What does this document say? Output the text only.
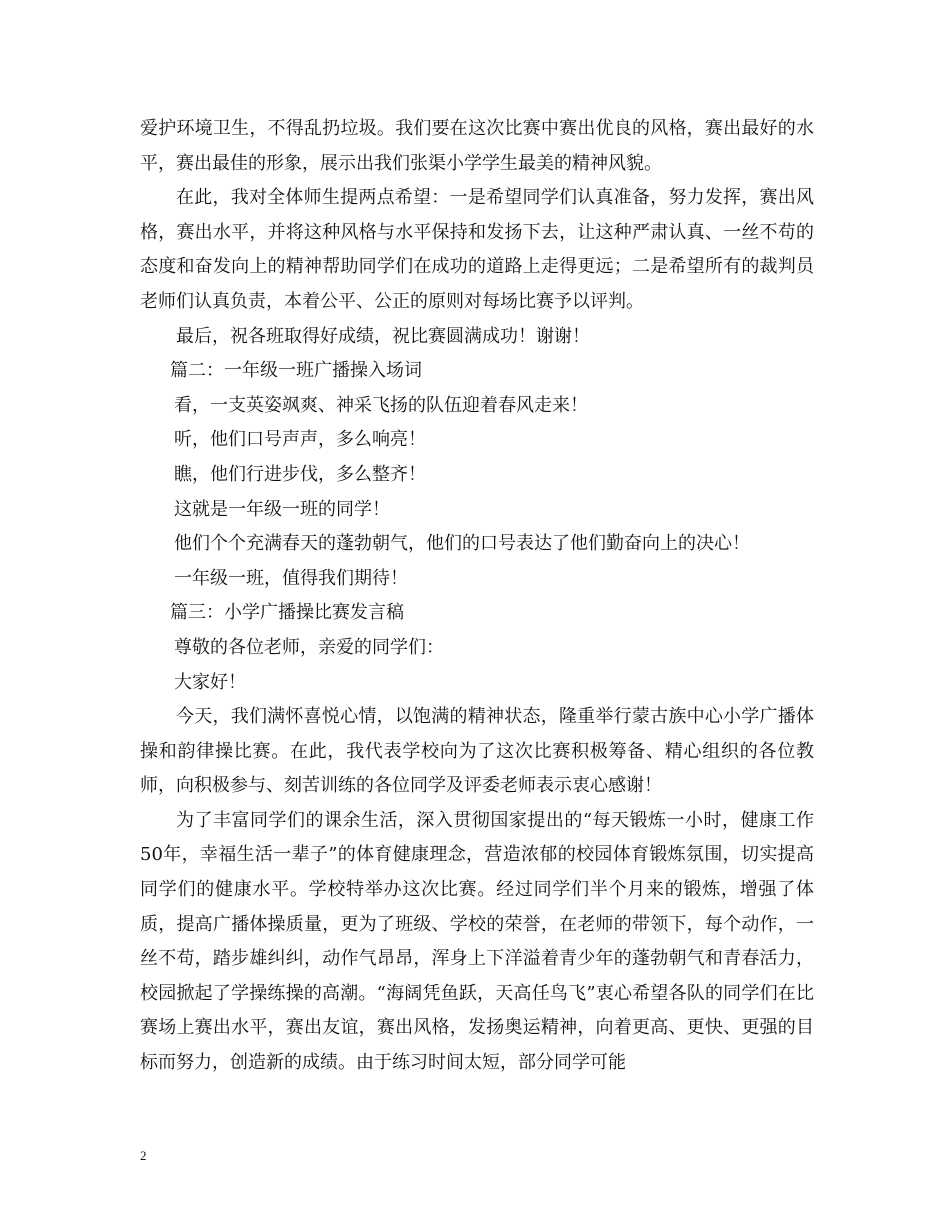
爱护环境卫生，不得乱扔垃圾。我们要在这次比赛中赛出优良的风格，赛出最好的水平，赛出最佳的形象，展示出我们张渠小学学生最美的精神风貌。

在此，我对全体师生提两点希望：一是希望同学们认真准备，努力发挥，赛出风格，赛出水平，并将这种风格与水平保持和发扬下去，让这种严肃认真、一丝不苟的态度和奋发向上的精神帮助同学们在成功的道路上走得更远；二是希望所有的裁判员老师们认真负责，本着公平、公正的原则对每场比赛予以评判。

最后，祝各班取得好成绩，祝比赛圆满成功！谢谢！

篇二：一年级一班广播操入场词

看，一支英姿飒爽、神采飞扬的队伍迎着春风走来！

听，他们口号声声，多么响亮！

瞧，他们行进步伐，多么整齐！

这就是一年级一班的同学！

他们个个充满春天的蓬勃朝气，他们的口号表达了他们勤奋向上的决心！

一年级一班，值得我们期待！

篇三：小学广播操比赛发言稿

尊敬的各位老师，亲爱的同学们：

大家好！

今天，我们满怀喜悦心情，以饱满的精神状态，隆重举行蒙古族中心小学广播体操和韵律操比赛。在此，我代表学校向为了这次比赛积极筹备、精心组织的各位教师，向积极参与、刻苦训练的各位同学及评委老师表示衷心感谢！

为了丰富同学们的课余生活，深入贯彻国家提出的“每天锻炼一小时，健康工作50年，幸福生活一辈子”的体育健康理念，营造浓郁的校园体育锻炼氛围，切实提高同学们的健康水平。学校特举办这次比赛。经过同学们半个月来的锻炼，增强了体质，提高广播体操质量，更为了班级、学校的荣誉，在老师的带领下，每个动作，一丝不苟，踏步雄纠纠，动作气昂昂，浑身上下洋溢着青少年的蓬勃朝气和青春活力，校园掀起了学操练操的高潮。“海阔凭鱼跃，天高任鸟飞”衷心希望各队的同学们在比赛场上赛出水平，赛出友谊，赛出风格，发扬奥运精神，向着更高、更快、更强的目标而努力，创造新的成绩。由于练习时间太短，部分同学可能

2
